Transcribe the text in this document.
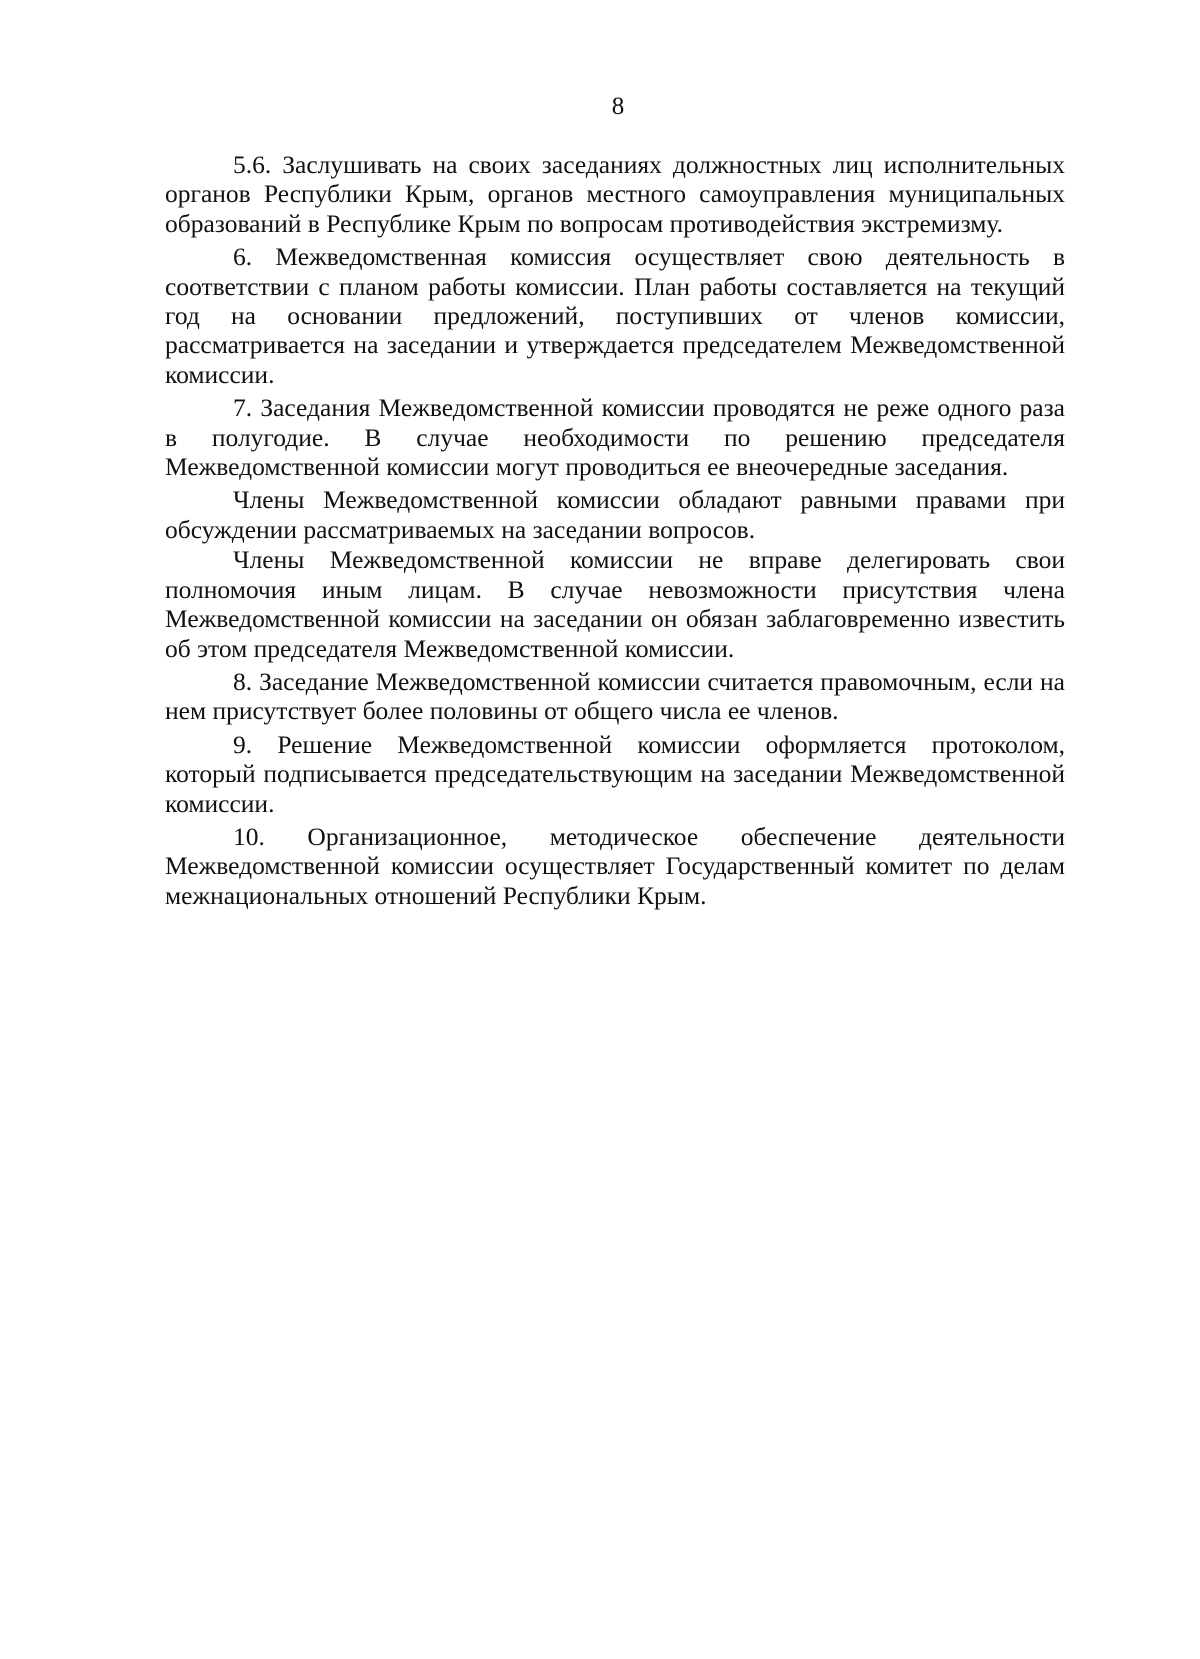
8

5.6. Заслушивать на своих заседаниях должностных лиц исполнительных органов Республики Крым, органов местного самоуправления муниципальных образований в Республике Крым по вопросам противодействия экстремизму.

6. Межведомственная комиссия осуществляет свою деятельность в соответствии с планом работы комиссии. План работы составляется на текущий год на основании предложений, поступивших от членов комиссии, рассматривается на заседании и утверждается председателем Межведомственной комиссии.

7. Заседания Межведомственной комиссии проводятся не реже одного раза в полугодие. В случае необходимости по решению председателя Межведомственной комиссии могут проводиться ее внеочередные заседания.

Члены Межведомственной комиссии обладают равными правами при обсуждении рассматриваемых на заседании вопросов.

Члены Межведомственной комиссии не вправе делегировать свои полномочия иным лицам. В случае невозможности присутствия члена Межведомственной комиссии на заседании он обязан заблаговременно известить об этом председателя Межведомственной комиссии.

8. Заседание Межведомственной комиссии считается правомочным, если на нем присутствует более половины от общего числа ее членов.

9. Решение Межведомственной комиссии оформляется протоколом, который подписывается председательствующим на заседании Межведомственной комиссии.

10. Организационное, методическое обеспечение деятельности Межведомственной комиссии осуществляет Государственный комитет по делам межнациональных отношений Республики Крым.
